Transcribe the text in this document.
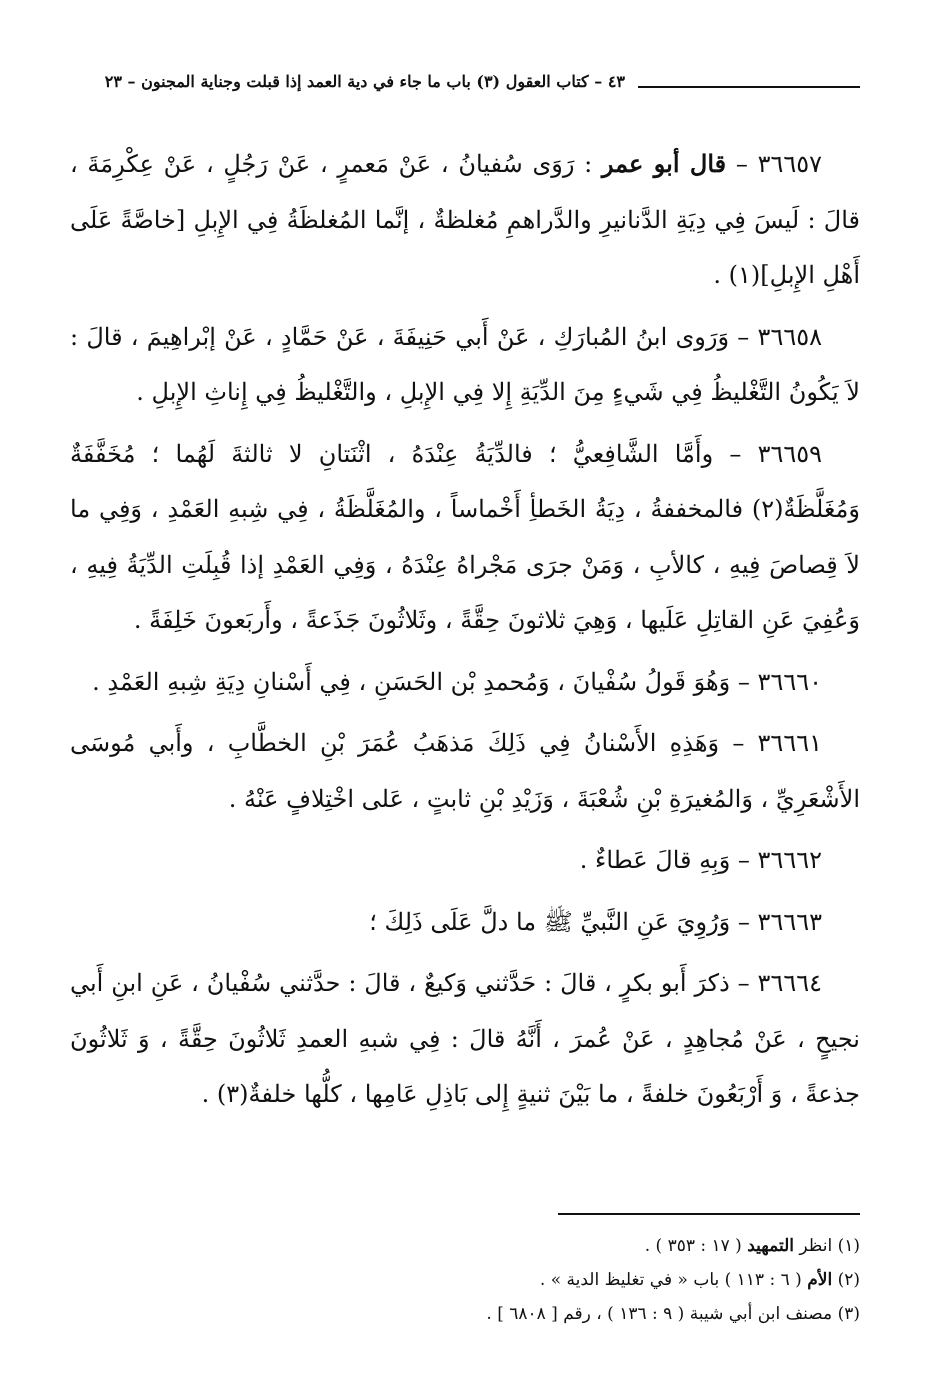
٤٣ – كتاب العقول (٣) باب ما جاء في دية العمد إذا قبلت وجناية المجنون – ٢٣

٣٦٦٥٧ – قال أبو عمر : رَوَى سُفيانُ ، عَنْ مَعمرٍ ، عَنْ رَجُلٍ ، عَنْ عِكْرِمَةَ ، قالَ : لَيسَ فِي دِيَةِ الدَّنانيرِ والدَّراهمِ مُغلظةٌ ، إنَّما المُغلظَةُ فِي الإِبلِ [خاصَّةً عَلَى أَهْلِ الإِبلِ](١) .

٣٦٦٥٨ – وَرَوى ابنُ المُبارَكِ ، عَنْ أَبي حَنِيفَةَ ، عَنْ حَمَّادٍ ، عَنْ إبْراهِيمَ ، قالَ : لاَ يَكُونُ التَّغْليظُ فِي شَيءٍ مِنَ الدِّيَةِ إِلا فِي الإِبلِ ، والتَّغْليظُ فِي إِناثِ الإِبلِ .

٣٦٦٥٩ – وأَمَّا الشَّافِعيُّ ؛ فالدِّيَةُ عِنْدَهُ ، اثْنَتانِ لا ثالثةَ لَهُما ؛ مُخَفَّفَةٌ وَمُغَلَّظَةٌ(٢) فالمخففةُ ، دِيَةُ الخَطأِ أَخْماساً ، والمُغَلَّظَةُ ، فِي شِبهِ العَمْدِ ، وَفِي ما لاَ قِصاصَ فِيهِ ، كالأبِ ، وَمَنْ جرَى مَجْراهُ عِنْدَهُ ، وَفِي العَمْدِ إذا قُبِلَتِ الدِّيَةُ فِيهِ ، وَعُفِيَ عَنِ القاتِلِ عَلَيها ، وَهِيَ ثلاثونَ حِقَّةً ، وثَلاثُونَ جَذَعةً ، وأَربَعونَ خَلِفَةً .

٣٦٦٦٠ – وَهُوَ قَولُ سُفْيانَ ، وَمُحمدِ بْن الحَسَنِ ، فِي أَسْنانِ دِيَةِ شِبهِ العَمْدِ .

٣٦٦٦١ – وَهَذِهِ الأَسْنانُ فِي ذَلِكَ مَذهَبُ عُمَرَ بْنِ الخطَّابِ ، وأَبي مُوسَى الأَشْعَرِيِّ ، وَالمُغيرَةِ بْنِ شُعْبَةَ ، وَزَيْدِ بْنِ ثابتٍ ، عَلى اخْتِلافٍ عَنْهُ .

٣٦٦٦٢ – وَبِهِ قالَ عَطاءٌ .

٣٦٦٦٣ – وَرُوِيَ عَنِ النَّبيِّ ﷺ ما دلَّ عَلَى ذَلِكَ ؛

٣٦٦٦٤ – ذكرَ أَبو بكرٍ ، قالَ : حَدَّثني وَكيعٌ ، قالَ : حدَّثني سُفْيانُ ، عَنِ ابنِ أَبي نجيحٍ ، عَنْ مُجاهِدٍ ، عَنْ عُمرَ ، أَنَّهُ قالَ : فِي شبهِ العمدِ ثَلاثُونَ حِقَّةً ، وَ ثَلاثُونَ جذعةً ، وَ أَرْبَعُونَ خلفةً ، ما بَيْنَ ثنيةٍ إِلى بَاذِلِ عَامِها ، كلُّها خلفةٌ(٣) .

(١) انظر التمهيد ( ١٧ : ٣٥٣ ) .

(٢) الأم ( ٦ : ١١٣ ) باب « في تغليظ الدية » .

(٣) مصنف ابن أبي شيبة ( ٩ : ١٣٦ ) ، رقم [ ٦٨٠٨ ] .
